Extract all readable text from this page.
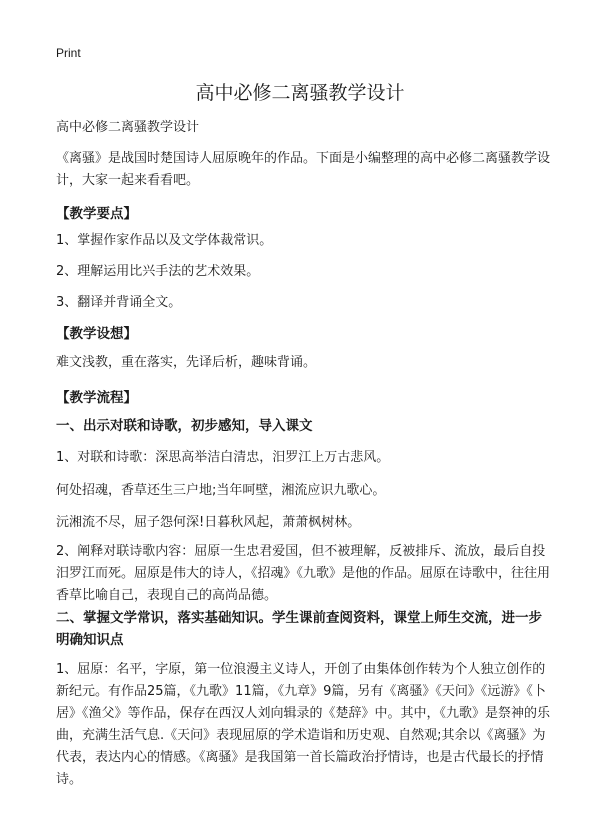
Print
高中必修二离骚教学设计
高中必修二离骚教学设计
《离骚》是战国时楚国诗人屈原晚年的作品。下面是小编整理的高中必修二离骚教学设计，大家一起来看看吧。
【教学要点】
1、掌握作家作品以及文学体裁常识。
2、理解运用比兴手法的艺术效果。
3、翻译并背诵全文。
【教学设想】
难文浅教，重在落实，先译后析，趣味背诵。
【教学流程】
一、出示对联和诗歌，初步感知，导入课文
1、对联和诗歌：深思高举洁白清忠，汨罗江上万古悲风。
何处招魂，香草还生三户地;当年呵壁，湘流应识九歌心。
沅湘流不尽，屈子怨何深!日暮秋风起，萧萧枫树林。
2、阐释对联诗歌内容：屈原一生忠君爱国，但不被理解，反被排斥、流放，最后自投汨罗江而死。屈原是伟大的诗人，《招魂》《九歌》是他的作品。屈原在诗歌中，往往用香草比喻自己，表现自己的高尚品德。
二、掌握文学常识，落实基础知识。学生课前查阅资料，课堂上师生交流，进一步明确知识点
1、屈原：名平，字原，第一位浪漫主义诗人，开创了由集体创作转为个人独立创作的新纪元。有作品25篇，《九歌》11篇，《九章》9篇，另有《离骚》《天问》《远游》《卜居》《渔父》等作品，保存在西汉人刘向辑录的《楚辞》中。其中，《九歌》是祭神的乐曲，充满生活气息.《天问》表现屈原的学术造诣和历史观、自然观;其余以《离骚》为代表，表达内心的情感。《离骚》是我国第一首长篇政治抒情诗，也是古代最长的抒情诗。
